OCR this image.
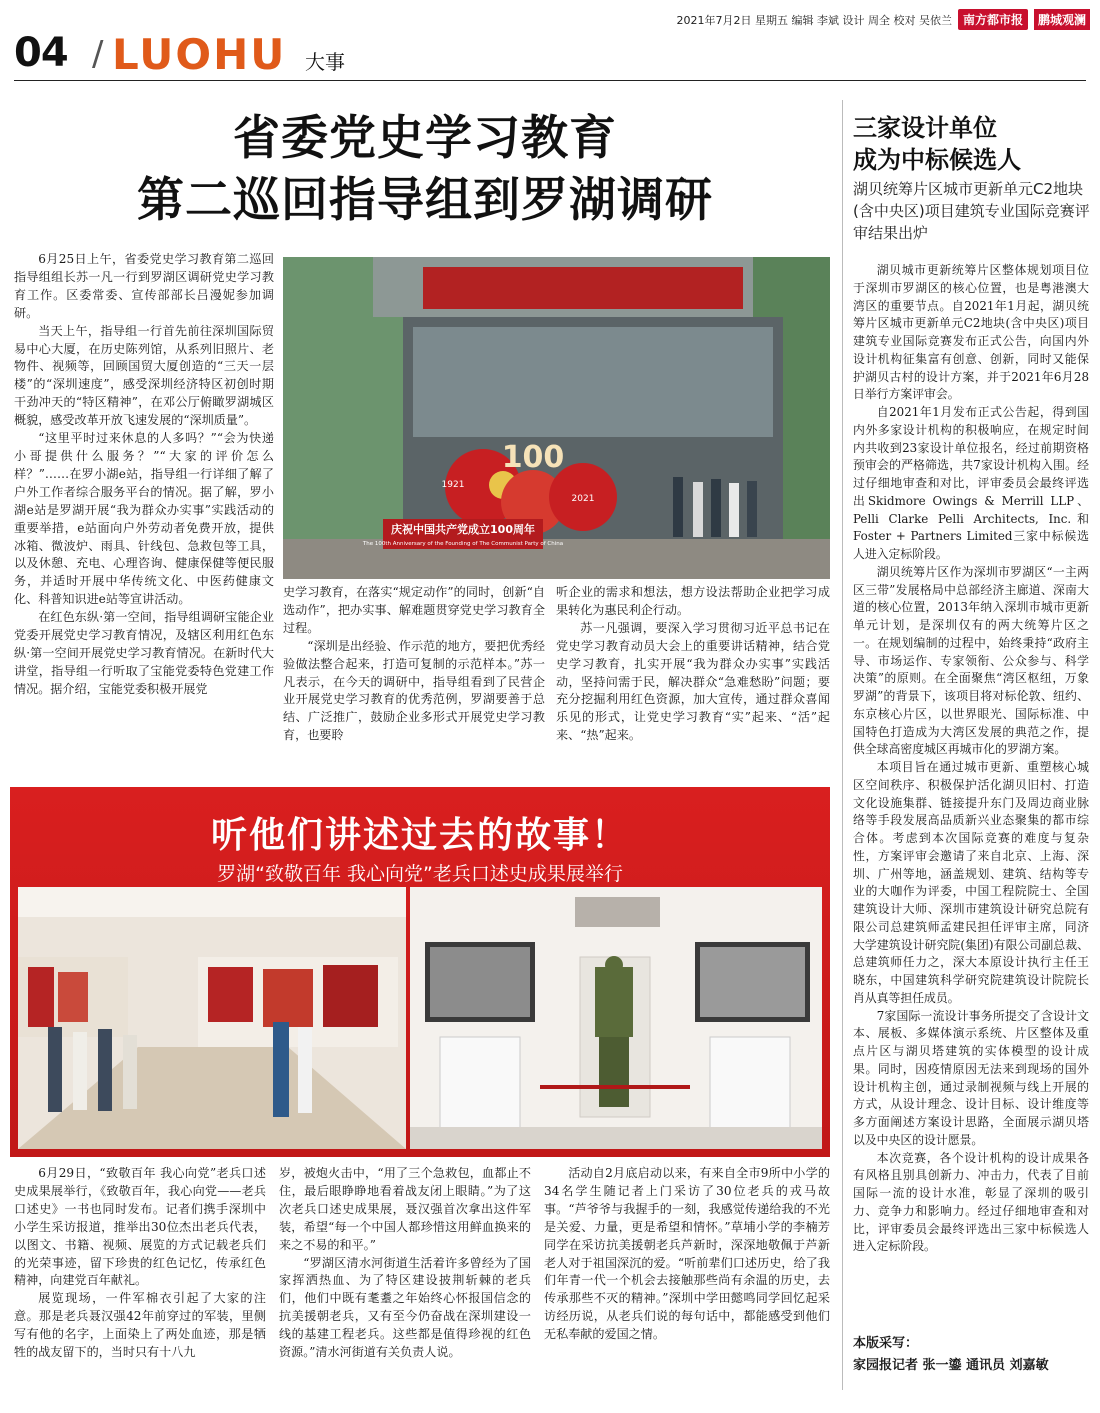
2021年7月2日 星期五 编辑 李斌 设计 周全 校对 吴依兰 南方都市报	鹏城观澜
04 / LUOHU 大事
省委党史学习教育
第二巡回指导组到罗湖调研

6月25日上午，省委党史学习教育第二巡回指导组组长苏一凡一行到罗湖区调研党史学习教育工作。区委常委、宣传部部长吕漫妮参加调研。

当天上午，指导组一行首先前往深圳国际贸易中心大厦，在历史陈列馆，从系列旧照片、老物件、视频等，回顾国贸大厦创造的“三天一层楼”的“深圳速度”，感受深圳经济特区初创时期干劲冲天的“特区精神”，在邓公厅俯瞰罗湖城区概貌，感受改革开放飞速发展的“深圳质量”。

“这里平时过来休息的人多吗？”“会为快递小哥提供什么服务？”“大家的评价怎么样？”……在罗小湖e站，指导组一行详细了解了户外工作者综合服务平台的情况。据了解，罗小湖e站是罗湖开展“我为群众办实事”实践活动的重要举措，e站面向户外劳动者免费开放，提供冰箱、微波炉、雨具、针线包、急救包等工具，以及休憩、充电、心理咨询、健康保健等便民服务，并适时开展中华传统文化、中医药健康文化、科普知识进e站等宣讲活动。

在红色东纵·第一空间，指导组调研宝能企业党委开展党史学习教育情况，及辖区利用红色东纵·第一空间开展党史学习教育情况。在新时代大讲堂，指导组一行听取了宝能党委特色党建工作情况。据介绍，宝能党委积极开展党

庆祝中国共产党成立100周年
The 100th Anniversary of the Founding of The Communist Party of China
1921
2021
100

史学习教育，在落实“规定动作”的同时，创新“自选动作”，把办实事、解难题贯穿党史学习教育全过程。

“深圳是出经验、作示范的地方，要把优秀经验做法整合起来，打造可复制的示范样本。”苏一凡表示，在今天的调研中，指导组看到了民营企业开展党史学习教育的优秀范例，罗湖要善于总结、广泛推广，鼓励企业多形式开展党史学习教育，也要聆

听企业的需求和想法，想方设法帮助企业把学习成果转化为惠民利企行动。

苏一凡强调，要深入学习贯彻习近平总书记在党史学习教育动员大会上的重要讲话精神，结合党史学习教育，扎实开展“我为群众办实事”实践活动，坚持问需于民，解决群众“急难愁盼”问题；要充分挖掘利用红色资源，加大宣传，通过群众喜闻乐见的形式，让党史学习教育“实”起来、“活”起来、“热”起来。

听他们讲述过去的故事！
罗湖“致敬百年 我心向党”老兵口述史成果展举行

6月29日，“致敬百年 我心向党”老兵口述史成果展举行，《致敬百年，我心向党——老兵口述史》一书也同时发布。记者们携手深圳中小学生采访报道，推举出30位杰出老兵代表，以图文、书籍、视频、展览的方式记载老兵们的光荣事迹，留下珍贵的红色记忆，传承红色精神，向建党百年献礼。

展览现场，一件军棉衣引起了大家的注意。那是老兵聂汉强42年前穿过的军装，里侧写有他的名字，上面染上了两处血迹，那是牺牲的战友留下的，当时只有十八九

岁，被炮火击中，“用了三个急救包，血都止不住，最后眼睁睁地看着战友闭上眼睛。”为了这次老兵口述史成果展，聂汉强首次拿出这件军装，希望“每一个中国人都珍惜这用鲜血换来的来之不易的和平。”

“罗湖区清水河街道生活着许多曾经为了国家挥洒热血、为了特区建设披荆斩棘的老兵们，他们中既有耄耋之年始终心怀报国信念的抗美援朝老兵，又有至今仍奋战在深圳建设一线的基建工程老兵。这些都是值得珍视的红色资源。”清水河街道有关负责人说。

活动自2月底启动以来，有来自全市9所中小学的34名学生随记者上门采访了30位老兵的戎马故事。“芦爷爷与我握手的一刻，我感觉传递给我的不光是关爱、力量，更是希望和情怀。”草埔小学的李楠芳同学在采访抗美援朝老兵芦新时，深深地敬佩于芦新老人对于祖国深沉的爱。“听前辈们口述历史，给了我们年青一代一个机会去接触那些尚有余温的历史，去传承那些不灭的精神。”深圳中学田懿鸣同学回忆起采访经历说，从老兵们说的每句话中，都能感受到他们无私奉献的爱国之情。

三家设计单位
成为中标候选人
湖贝统筹片区城市更新单元C2地块(含中央区)项目建筑专业国际竞赛评审结果出炉

湖贝城市更新统筹片区整体规划项目位于深圳市罗湖区的核心位置，也是粤港澳大湾区的重要节点。自2021年1月起，湖贝统筹片区城市更新单元C2地块(含中央区)项目建筑专业国际竞赛发布正式公告，向国内外设计机构征集富有创意、创新，同时又能保护湖贝古村的设计方案，并于2021年6月28日举行方案评审会。

自2021年1月发布正式公告起，得到国内外多家设计机构的积极响应，在规定时间内共收到23家设计单位报名，经过前期资格预审会的严格筛选，共7家设计机构入围。经过仔细地审查和对比，评审委员会最终评选出Skidmore Owings & Merrill LLP、Pelli Clarke Pelli Architects, Inc.和Foster + Partners Limited三家中标候选人进入定标阶段。

湖贝统筹片区作为深圳市罗湖区“一主两区三带”发展格局中总部经济主廊道、深南大道的核心位置，2013年纳入深圳市城市更新单元计划，是深圳仅有的两大统筹片区之一。在规划编制的过程中，始终秉持“政府主导、市场运作、专家领衔、公众参与、科学决策”的原则。在全面聚焦“湾区枢纽，万象罗湖”的背景下，该项目将对标伦敦、纽约、东京核心片区，以世界眼光、国际标准、中国特色打造成为大湾区发展的典范之作，提供全球高密度城区再城市化的罗湖方案。

本项目旨在通过城市更新、重塑核心城区空间秩序、积极保护活化湖贝旧村、打造文化设施集群、链接提升东门及周边商业脉络等手段发展高品质新兴业态聚集的都市综合体。考虑到本次国际竞赛的难度与复杂性，方案评审会邀请了来自北京、上海、深圳、广州等地，涵盖规划、建筑、结构等专业的大咖作为评委，中国工程院院士、全国建筑设计大师、深圳市建筑设计研究总院有限公司总建筑师孟建民担任评审主席，同济大学建筑设计研究院(集团)有限公司副总裁、总建筑师任力之，深大本原设计执行主任王晓东，中国建筑科学研究院建筑设计院院长肖从真等担任成员。

7家国际一流设计事务所提交了含设计文本、展板、多媒体演示系统、片区整体及重点片区与湖贝塔建筑的实体模型的设计成果。同时，因疫情原因无法来到现场的国外设计机构主创，通过录制视频与线上开展的方式，从设计理念、设计目标、设计维度等多方面阐述方案设计思路，全面展示湖贝塔以及中央区的设计愿景。

本次竞赛，各个设计机构的设计成果各有风格且别具创新力、冲击力，代表了目前国际一流的设计水准，彰显了深圳的吸引力、竞争力和影响力。经过仔细地审查和对比，评审委员会最终评选出三家中标候选人进入定标阶段。

本版采写：
家园报记者 张一鎏 通讯员 刘嘉敏
